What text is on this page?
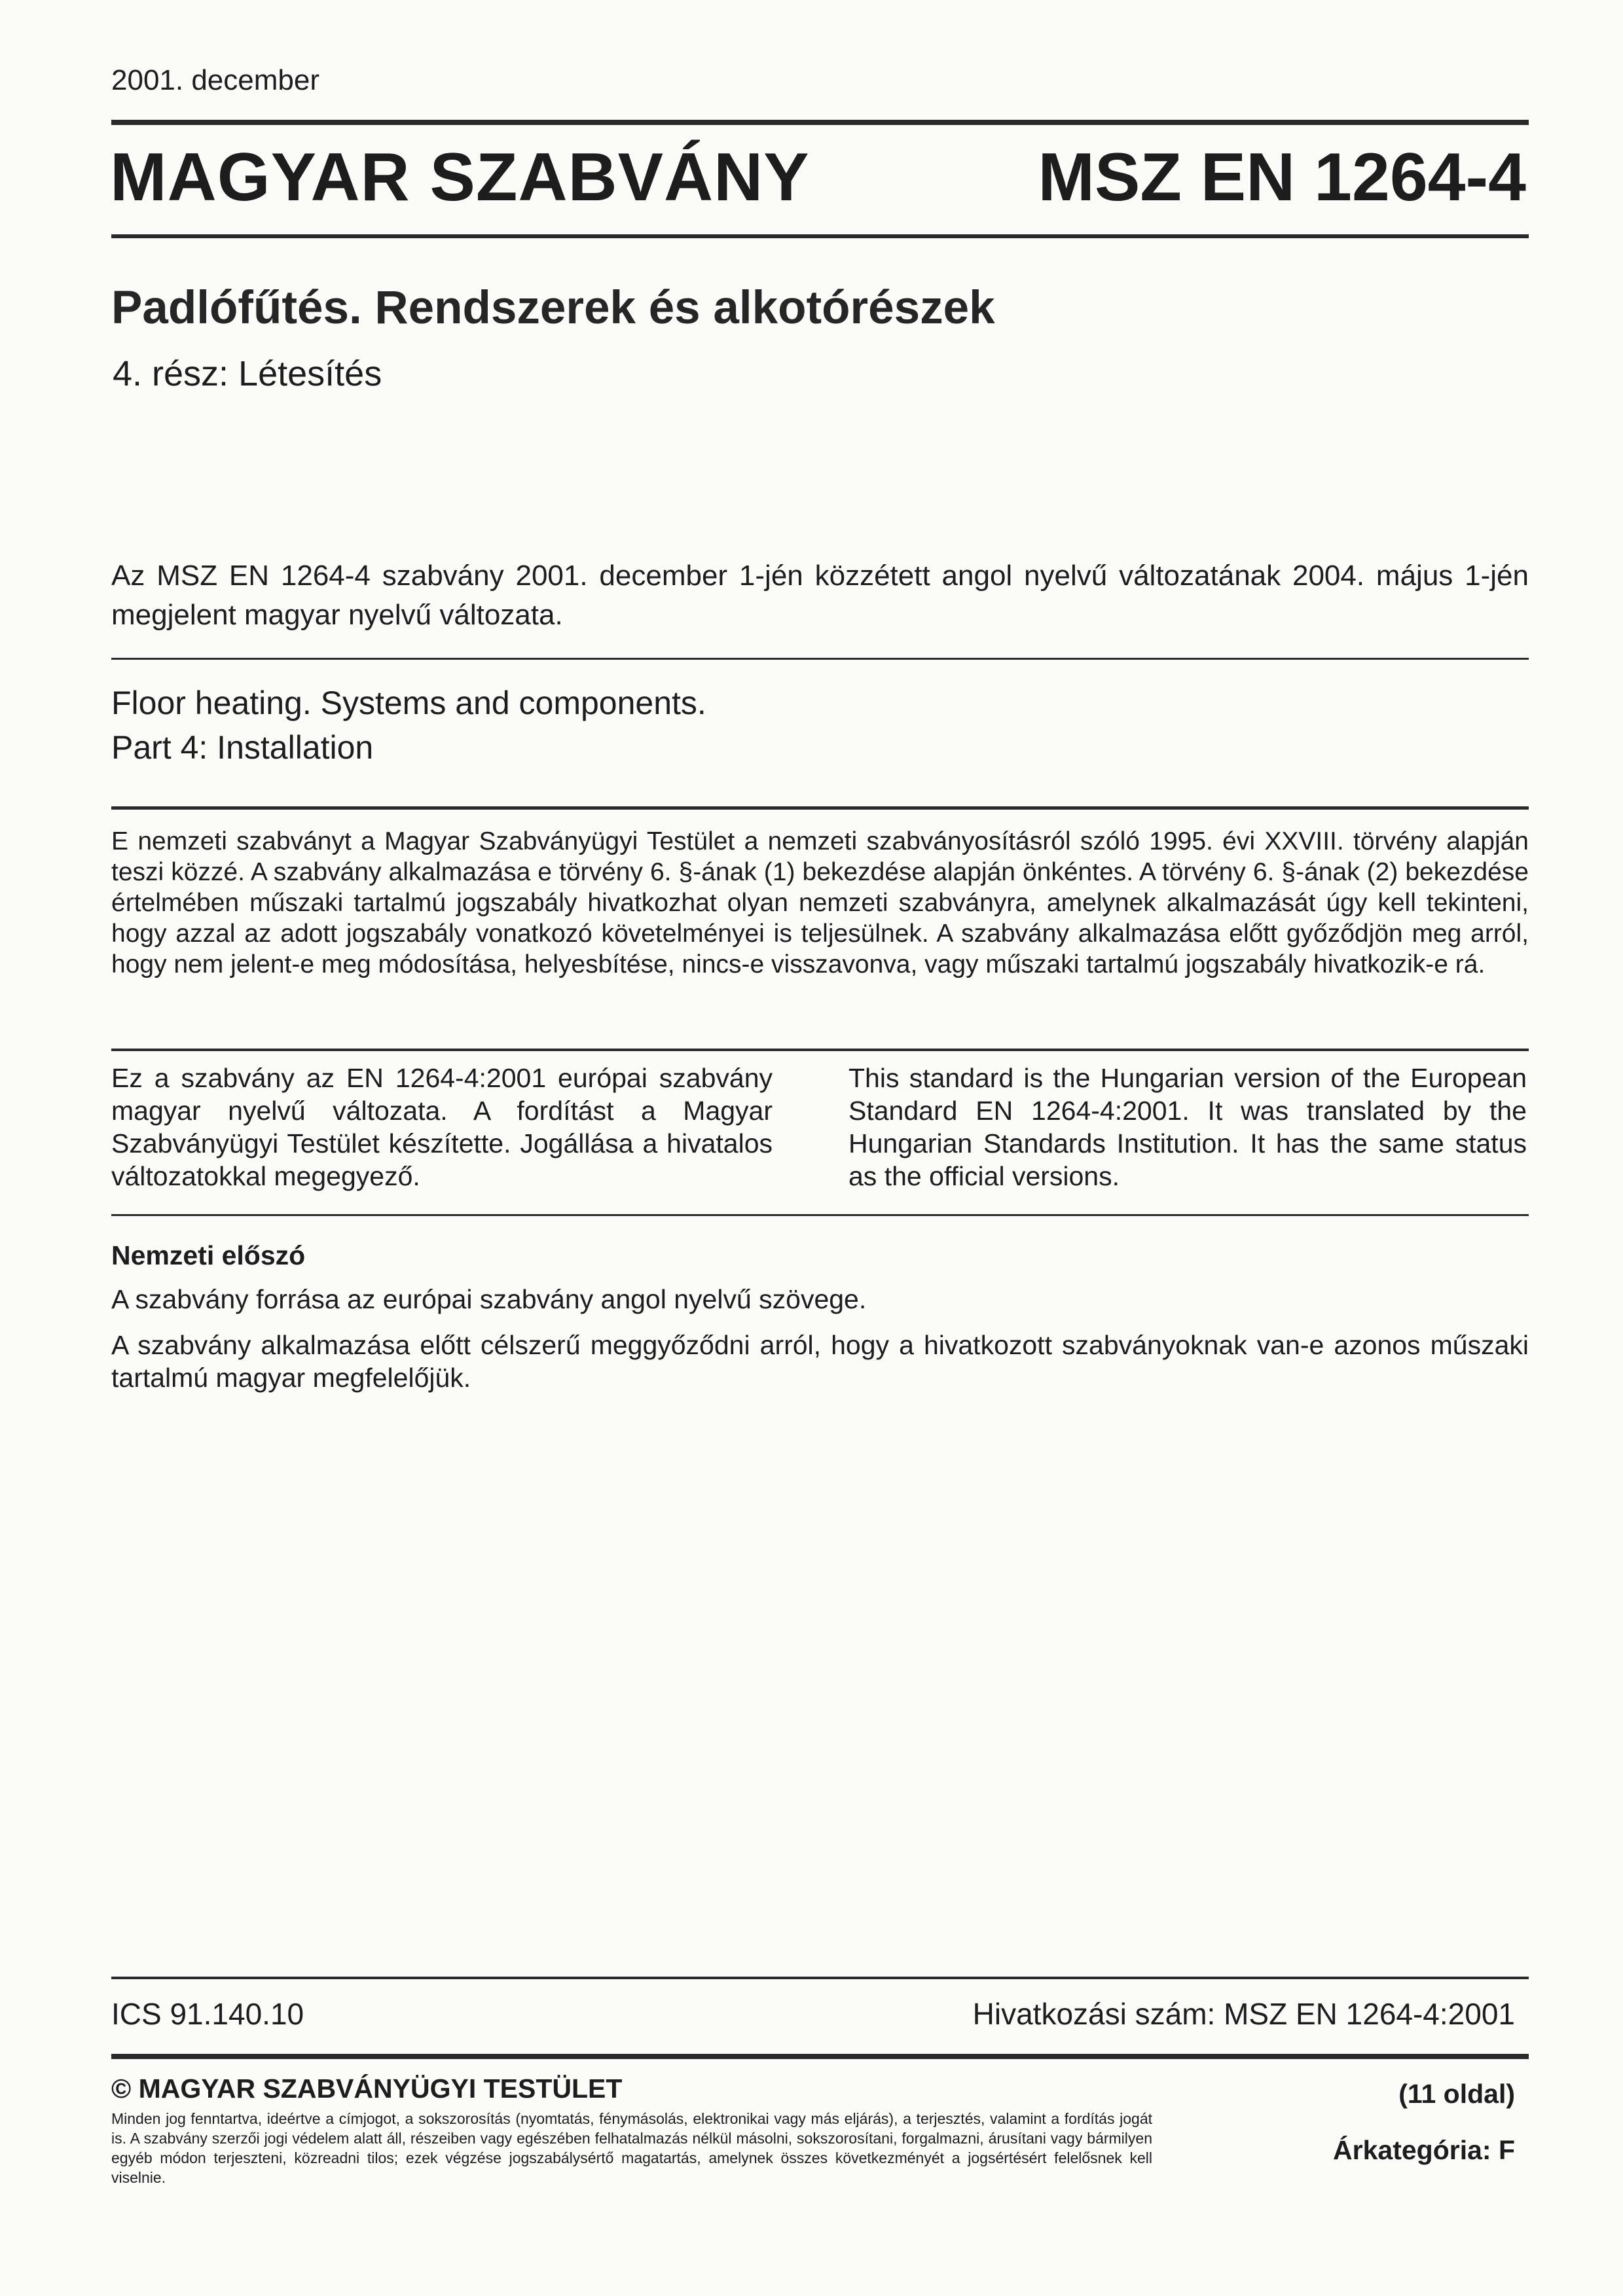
2001. december
MAGYAR SZABVÁNY	MSZ EN 1264-4
Padlófűtés. Rendszerek és alkotórészek
4. rész: Létesítés
Az MSZ EN 1264-4 szabvány 2001. december 1-jén közzétett angol nyelvű változatának 2004. május 1-jén megjelent magyar nyelvű változata.
Floor heating. Systems and components.
Part 4: Installation
E nemzeti szabványt a Magyar Szabványügyi Testület a nemzeti szabványosításról szóló 1995. évi XXVIII. törvény alapján teszi közzé. A szabvány alkalmazása e törvény 6. §-ának (1) bekezdése alapján önkéntes. A törvény 6. §-ának (2) bekezdése értelmében műszaki tartalmú jogszabály hivatkozhat olyan nemzeti szabványra, amelynek alkalmazását úgy kell tekinteni, hogy azzal az adott jogszabály vonatkozó követelményei is teljesülnek. A szabvány alkalmazása előtt győződjön meg arról, hogy nem jelent-e meg módosítása, helyesbítése, nincs-e visszavonva, vagy műszaki tartalmú jogszabály hivatkozik-e rá.
Ez a szabvány az EN 1264-4:2001 európai szabvány magyar nyelvű változata. A fordítást a Magyar Szabványügyi Testület készítette. Jogállása a hivatalos változatokkal megegyező.
This standard is the Hungarian version of the European Standard EN 1264-4:2001. It was translated by the Hungarian Standards Institution. It has the same status as the official versions.
Nemzeti előszó
A szabvány forrása az európai szabvány angol nyelvű szövege.
A szabvány alkalmazása előtt célszerű meggyőződni arról, hogy a hivatkozott szabványoknak van-e azonos műszaki tartalmú magyar megfelelőjük.
ICS 91.140.10	Hivatkozási szám: MSZ EN 1264-4:2001
© MAGYAR SZABVÁNYÜGYI TESTÜLET
Minden jog fenntartva, ideértve a címjogot, a sokszorosítás (nyomtatás, fénymásolás, elektronikai vagy más eljárás), a terjesztés, valamint a fordítás jogát is. A szabvány szerzői jogi védelem alatt áll, részeiben vagy egészében felhatalmazás nélkül másolni, sokszorosítani, forgalmazni, árusítani vagy bármilyen egyéb módon terjeszteni, közreadni tilos; ezek végzése jogszabálysértő magatartás, amelynek összes következményét a jogsértésért felelősnek kell viselnie.
(11 oldal)
Árkategória: F
